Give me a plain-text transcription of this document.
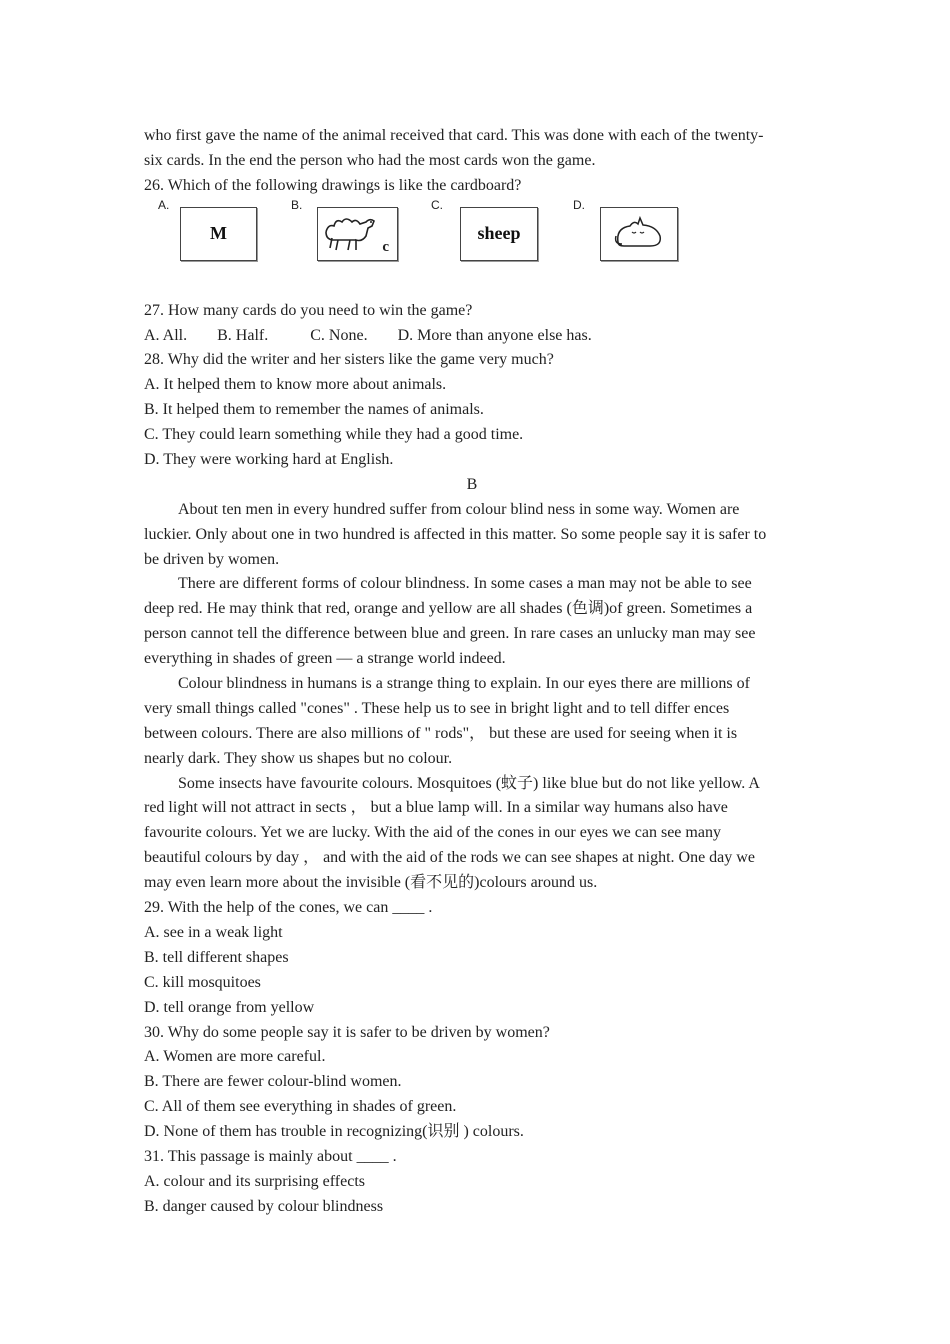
who first gave the name of the animal received that card. This was done with each of the twenty-
six cards. In the end the person who had the most cards won the game.
26. Which of the following drawings is like the cardboard?
A.
M
B.
c
C.
sheep
D.
27. How many cards do you need to win the game?
A. All. B. Half.	C. None. D. More than anyone else has.
28. Why did the writer and her sisters like the game very much?
A. It helped them to know more about animals.
B. It helped them to remember the names of animals.
C. They could learn something while they had a good time.
D. They were working hard at English.
B
About ten men in every hundred suffer from colour blind ness in some way. Women are
luckier. Only about one in two hundred is affected in this matter. So some people say it is safer to
be driven by women.
There are different forms of colour blindness. In some cases a man may not be able to see
deep red. He may think that red, orange and yellow are all shades (色调)of green. Sometimes a
person cannot tell the difference between blue and green. In rare cases an unlucky man may see
everything in shades of green — a strange world indeed.
Colour blindness in humans is a strange thing to explain. In our eyes there are millions of
very small things called "cones" . These help us to see in bright light and to tell differ ences
between colours. There are also millions of " rods"， but these are used for seeing when it is
nearly dark. They show us shapes but no colour.
Some insects have favourite colours. Mosquitoes (蚊子) like blue but do not like yellow. A
red light will not attract in sects ， but a blue lamp will. In a similar way humans also have
favourite colours. Yet we are lucky. With the aid of the cones in our eyes we can see many
beautiful colours by day ， and with the aid of the rods we can see shapes at night. One day we
may even learn more about the invisible (看不见的)colours around us.
29. With the help of the cones, we can ____ .
A. see in a weak light
B. tell different shapes
C. kill mosquitoes
D. tell orange from yellow
30. Why do some people say it is safer to be driven by women?
A. Women are more careful.
B. There are fewer colour-blind women.
C. All of them see everything in shades of green.
D. None of them has trouble in recognizing(识别 ) colours.
31. This passage is mainly about ____ .
A. colour and its surprising effects
B. danger caused by colour blindness
